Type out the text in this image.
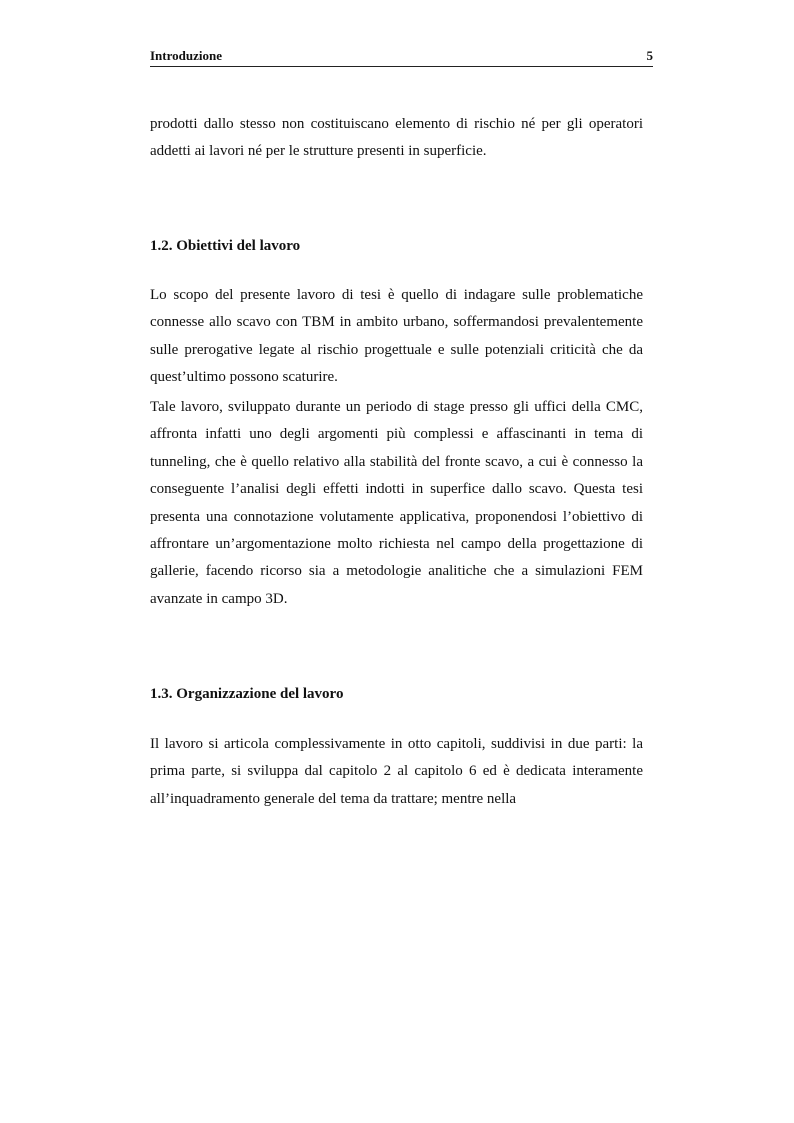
Introduzione	5

prodotti dallo stesso non costituiscano elemento di rischio né per gli operatori addetti ai lavori né per le strutture presenti in superficie.

1.2. Obiettivi del lavoro

Lo scopo del presente lavoro di tesi è quello di indagare sulle problematiche connesse allo scavo con TBM in ambito urbano, soffermandosi prevalentemente sulle prerogative legate al rischio progettuale e sulle potenziali criticità che da quest’ultimo possono scaturire.

Tale lavoro, sviluppato durante un periodo di stage presso gli uffici della CMC, affronta infatti uno degli argomenti più complessi e affascinanti in tema di tunneling, che è quello relativo alla stabilità del fronte scavo, a cui è connesso la conseguente l’analisi degli effetti indotti in superfice dallo scavo. Questa tesi presenta una connotazione volutamente applicativa, proponendosi l’obiettivo di affrontare un’argomentazione molto richiesta nel campo della progettazione di gallerie, facendo ricorso sia a metodologie analitiche che a simulazioni FEM avanzate in campo 3D.

1.3. Organizzazione del lavoro

Il lavoro si articola complessivamente in otto capitoli, suddivisi in due parti: la prima parte, si sviluppa dal capitolo 2 al capitolo 6 ed è dedicata interamente all’inquadramento generale del tema da trattare; mentre nella
